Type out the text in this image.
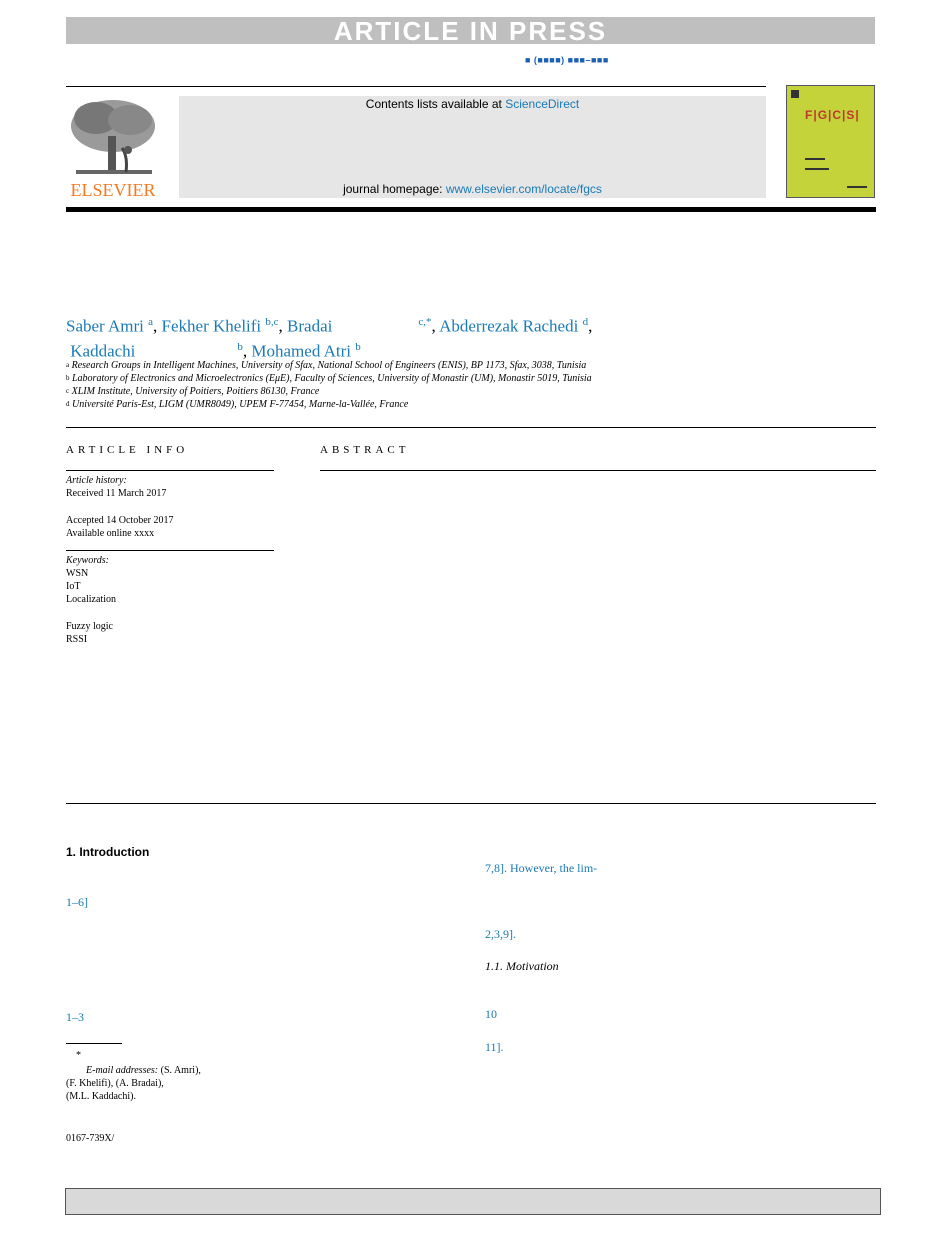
ARTICLE IN PRESS
■ (■■■■) ■■■–■■■
ELSEVIER
Contents lists available at ScienceDirect
journal homepage: www.elsevier.com/locate/fgcs
F|G|C|S|
Saber Amri $^a$, Fekher Khelifi $^{b,c}$, Bradai	$^{c,*}$, Abderrezak Rachedi $^d$,
Kaddachi	$^b$, Mohamed Atri $^b$
$^a$ Research Groups in Intelligent Machines, University of Sfax, National School of Engineers (ENIS), BP 1173, Sfax, 3038, Tunisia
$^b$ Laboratory of Electronics and Microelectronics (EμE), Faculty of Sciences, University of Monastir (UM), Monastir 5019, Tunisia
$^c$ XLIM Institute, University of Poitiers, Poitiers 86130, France
$^d$ Université Paris-Est, LIGM (UMR8049), UPEM F-77454, Marne-la-Vallée, France
ARTICLE INFO
Article history:
Received 11 March 2017
Accepted 14 October 2017
Available online xxxx
Keywords:
WSN
IoT
Localization
Fuzzy logic
RSSI
ABSTRACT
1. Introduction
1–6]
1–3
7,8]. However, the lim-
2,3,9].
1.1. Motivation
10
11].
*
E-mail addresses: (S. Amri),
(F. Khelifi), (A. Bradai),
(M.L. Kaddachi).
0167-739X/
